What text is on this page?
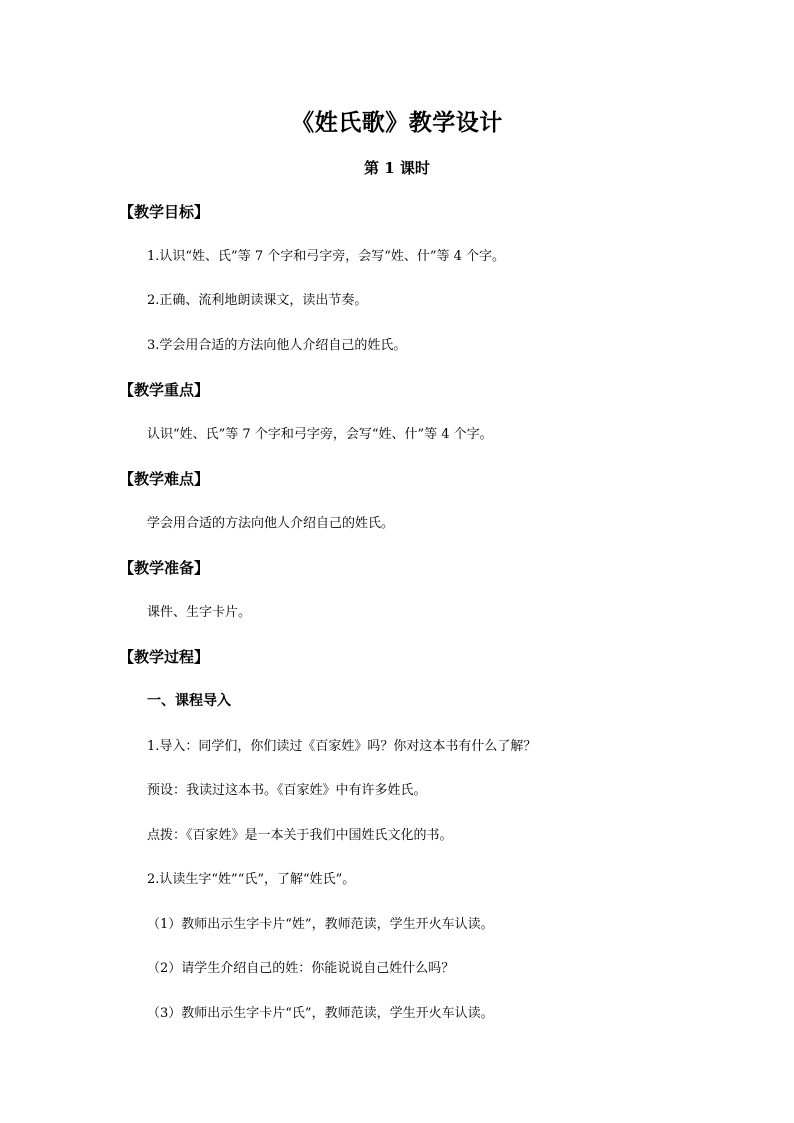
《姓氏歌》教学设计
第 1 课时
【教学目标】
1.认识“姓、氏”等 7 个字和弓字旁，会写“姓、什”等 4 个字。
2.正确、流利地朗读课文，读出节奏。
3.学会用合适的方法向他人介绍自己的姓氏。
【教学重点】
认识“姓、氏”等 7 个字和弓字旁，会写“姓、什”等 4 个字。
【教学难点】
学会用合适的方法向他人介绍自己的姓氏。
【教学准备】
课件、生字卡片。
【教学过程】
一、课程导入
1.导入：同学们，你们读过《百家姓》吗？你对这本书有什么了解？
预设：我读过这本书。《百家姓》中有许多姓氏。
点拨：《百家姓》是一本关于我们中国姓氏文化的书。
2.认读生字“姓”“氏”，了解“姓氏”。
（1）教师出示生字卡片“姓”，教师范读，学生开火车认读。
（2）请学生介绍自己的姓：你能说说自己姓什么吗？
（3）教师出示生字卡片“氏”，教师范读，学生开火车认读。
